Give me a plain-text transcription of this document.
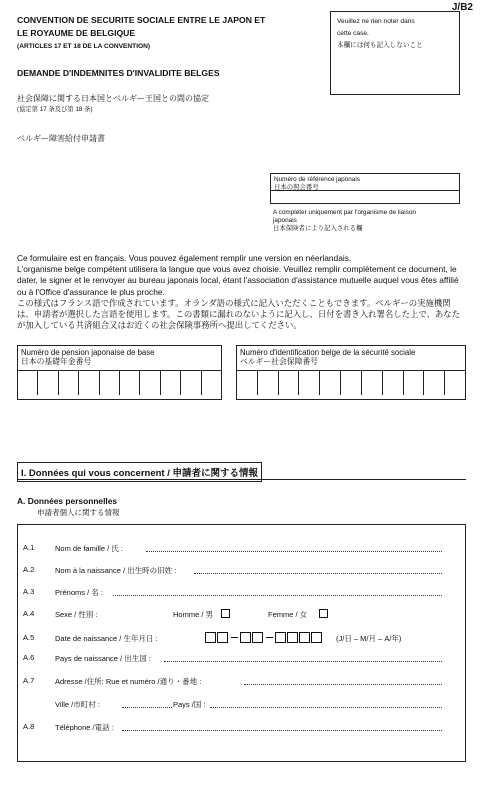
J/B2
CONVENTION DE SECURITE SOCIALE ENTRE LE JAPON ET
LE ROYAUME DE BELGIQUE
(ARTICLES 17 ET 18 DE LA CONVENTION)
Veuillez ne rien noter dans
cette case.
本欄には何も記入しないこと
DEMANDE D'INDEMNITES D'INVALIDITE BELGES
社会保障に関する日本国とベルギー王国との間の協定
(協定第 17 条及び第 18 条)
ベルギー障害給付申請書
Numéro de référence japonais
日本の照会番号
A compléter uniquement par l'organisme de liaison
japonais
日本保険者により記入される欄

Ce formulaire est en français. Vous pouvez également remplir une version en néerlandais.

L'organisme belge compétent utilisera la langue que vous avez choisie. Veuillez remplir complètement ce document, le dater, le signer et le renvoyer au bureau japonais local, étant l'association d'assistance mutuelle auquel vous êtes affilié ou à l'Office d'assurance le plus proche.

この様式はフランス語で作成されています。オランダ語の様式に記入いただくこともできます。ベルギーの実施機関は、申請者が選択した言語を使用します。この書類に漏れのないように記入し、日付を書き入れ署名した上で、あなたが加入している共済組合又はお近くの社会保険事務所へ提出してください。

Numéro de pension japonaise de base
日本の基礎年金番号
Numéro d'identification belge de la sécurité sociale
ベルギー社会保障番号
I. Données qui vous concernent / 申請者に関する情報
A. Données personnelles
申請者個人に関する情報
A.1	Nom de famille / 氏 :
A.2	Nom à la naissance / 出生時の旧姓 :
A.3	Prénoms / 名 :
A.4	Sexe / 性別 :	Homme / 男	Femme / 女
A.5	Date de naissance / 生年月日 :	(J/日 – M/月 – A/年)
A.6	Pays de naissance / 出生国 :
A.7	Adresse /住所: Rue et numéro /通り・番地 :
Ville /市町村 :	Pays /国 :
A.8	Téléphone /電話 :
